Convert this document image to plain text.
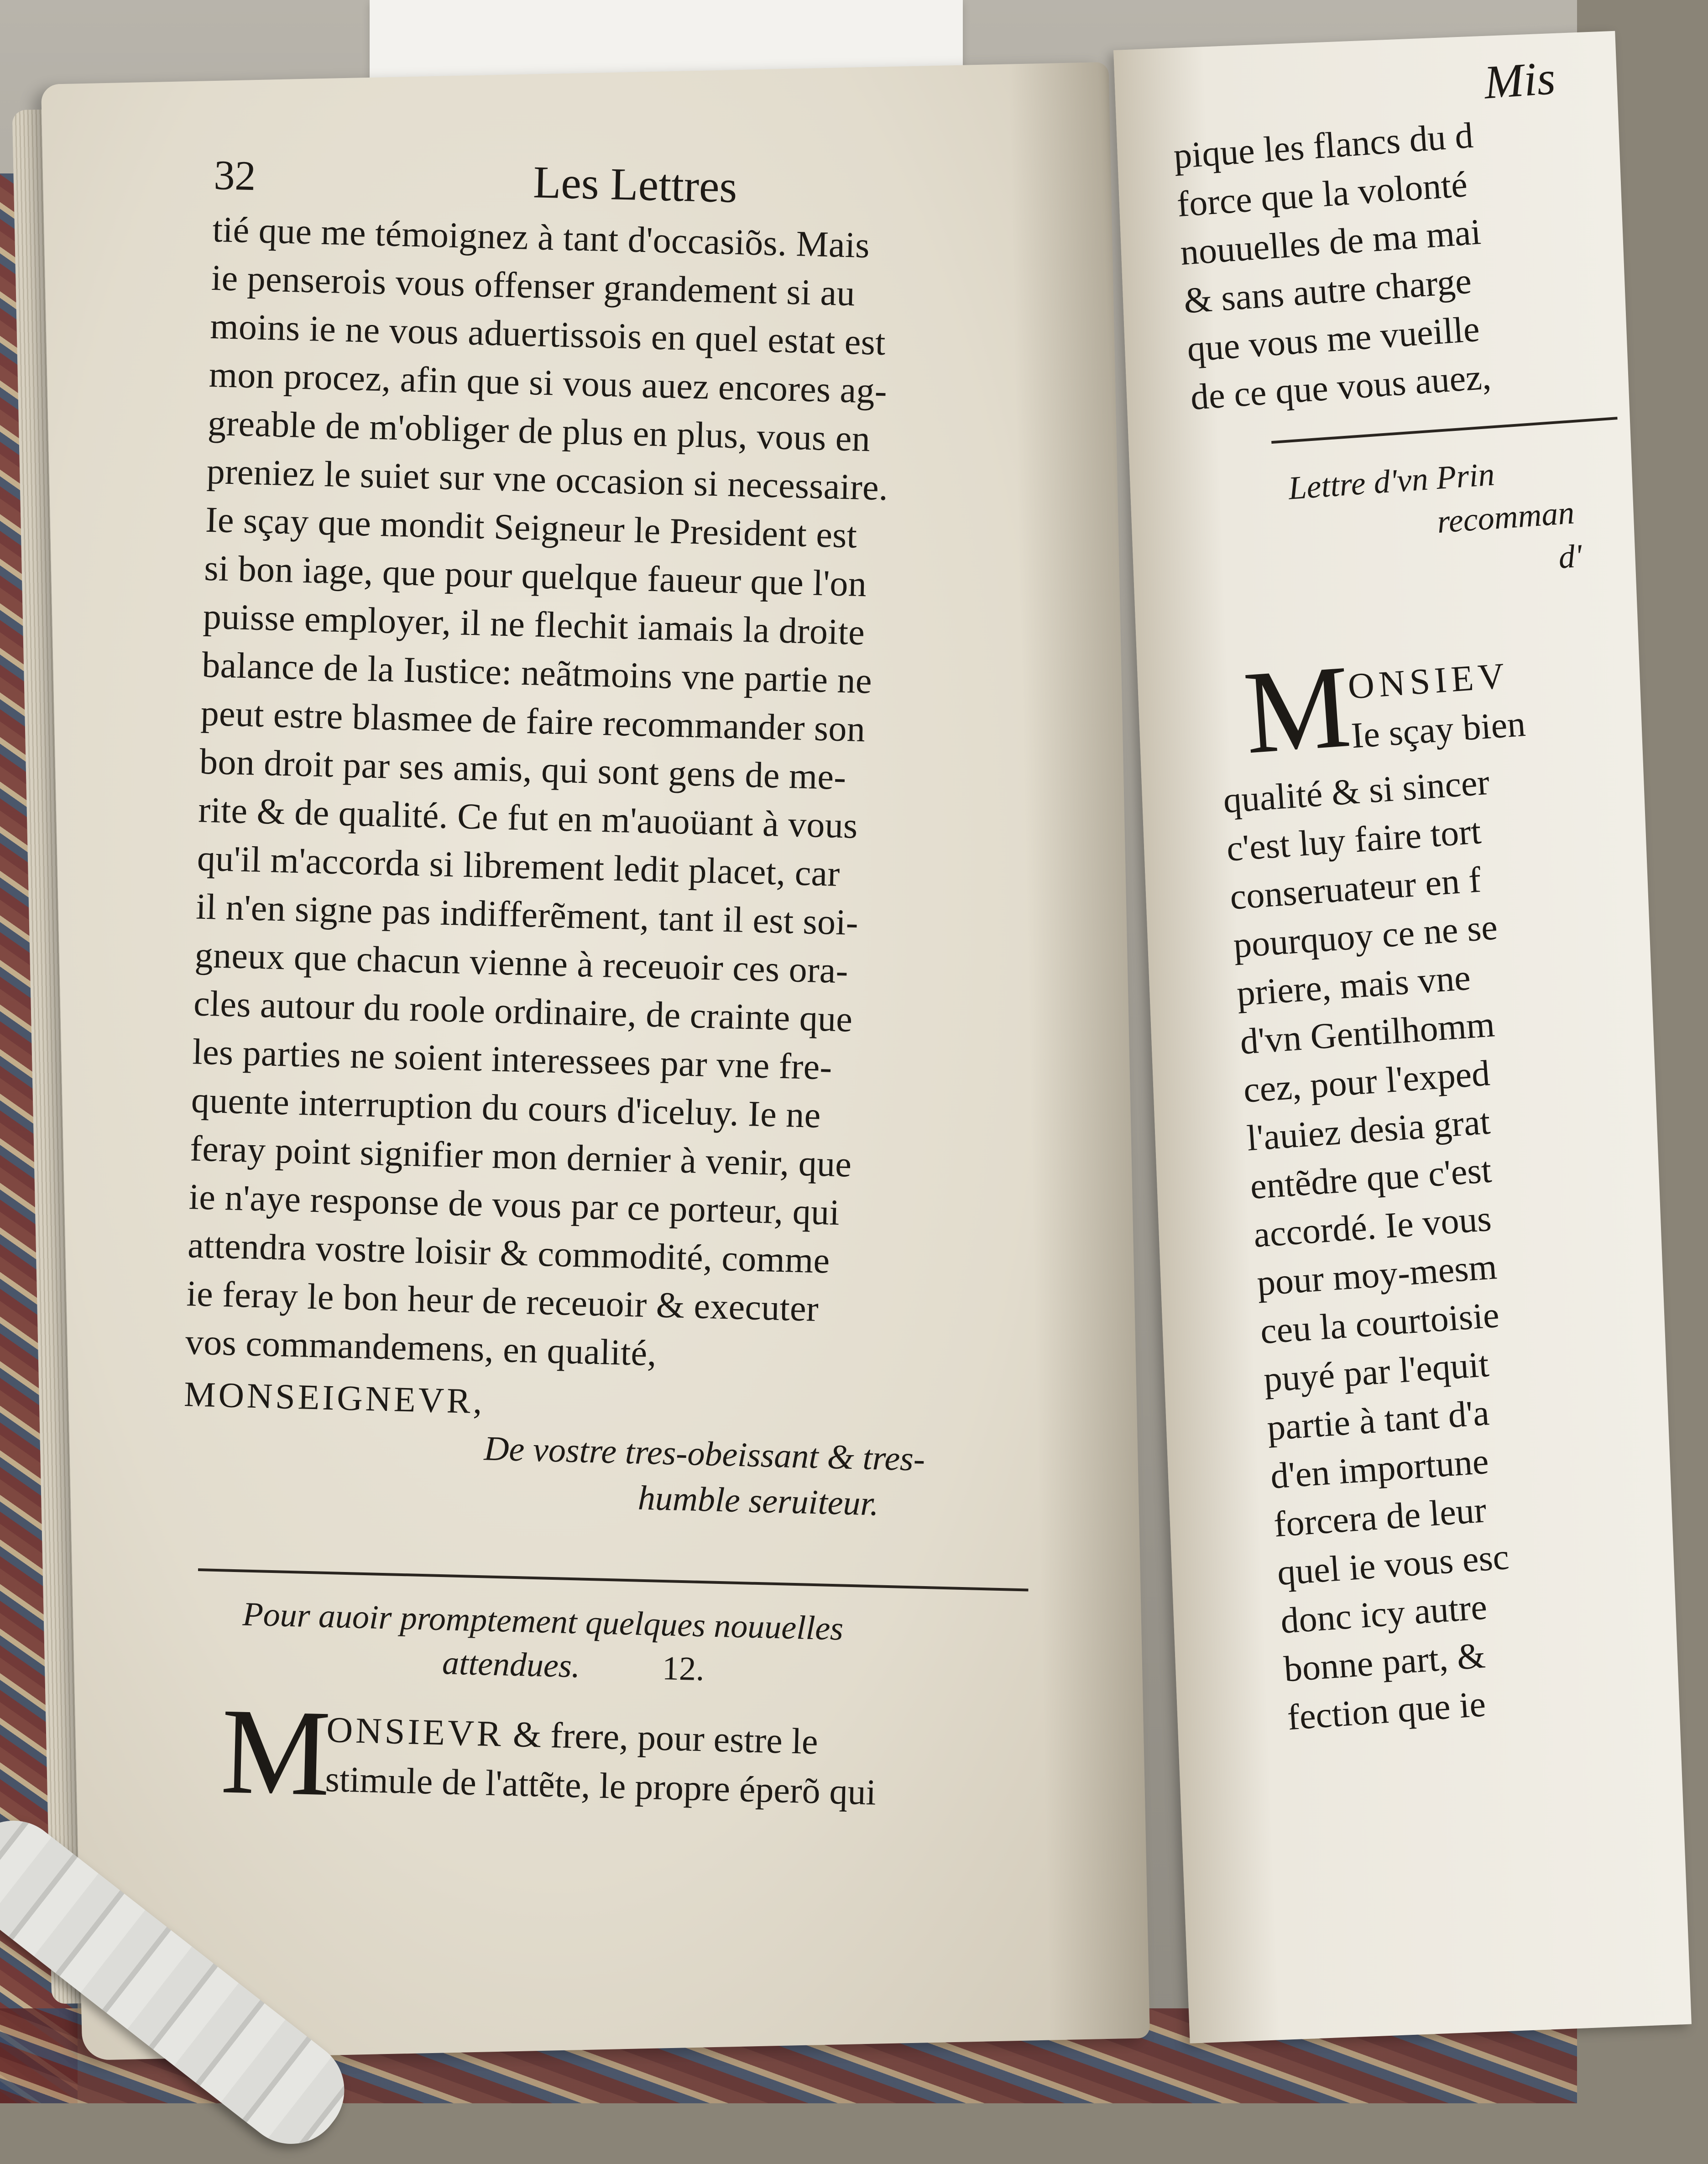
32	Les Lettres
tié que me témoignez à tant d'occasiõs. Mais
ie penserois vous offenser grandement si au
moins ie ne vous aduertissois en quel estat est
mon procez, afin que si vous auez encores ag-
greable de m'obliger de plus en plus, vous en
preniez le suiet sur vne occasion si necessaire.
Ie sçay que mondit Seigneur le President est
si bon iage, que pour quelque faueur que l'on
puisse employer, il ne flechit iamais la droite
balance de la Iustice: neãtmoins vne partie ne
peut estre blasmee de faire recommander son
bon droit par ses amis, qui sont gens de me-
rite & de qualité. Ce fut en m'auoüant à vous
qu'il m'accorda si librement ledit placet, car
il n'en signe pas indifferẽment, tant il est soi-
gneux que chacun vienne à receuoir ces ora-
cles autour du roole ordinaire, de crainte que
les parties ne soient interessees par vne fre-
quente interruption du cours d'iceluy. Ie ne
feray point signifier mon dernier à venir, que
ie n'aye response de vous par ce porteur, qui
attendra vostre loisir & commodité, comme
ie feray le bon heur de receuoir & executer
vos commandemens, en qualité,
MONSEIGNEVR,
De vostre tres-obeissant & tres-
humble seruiteur.
Pour auoir promptement quelques nouuelles
attendues. 12.
M
ONSIEVR & frere, pour estre le
stimule de l'attẽte, le propre éperõ qui
Mis
pique les flancs du d
force que la volonté
nouuelles de ma mai
& sans autre charge
que vous me vueille
de ce que vous auez,
Lettre d'vn Prin
recomman
d'
M
ONSIEV
Ie sçay bien
qualité & si sincer
c'est luy faire tort
conseruateur en f
pourquoy ce ne se
priere, mais vne
d'vn Gentilhomm
cez, pour l'exped
l'auiez desia grat
entẽdre que c'est
accordé. Ie vous
pour moy-mesm
ceu la courtoisie
puyé par l'equit
partie à tant d'a
d'en importune
forcera de leur
quel ie vous esc
donc icy autre
bonne part, &
fection que ie
